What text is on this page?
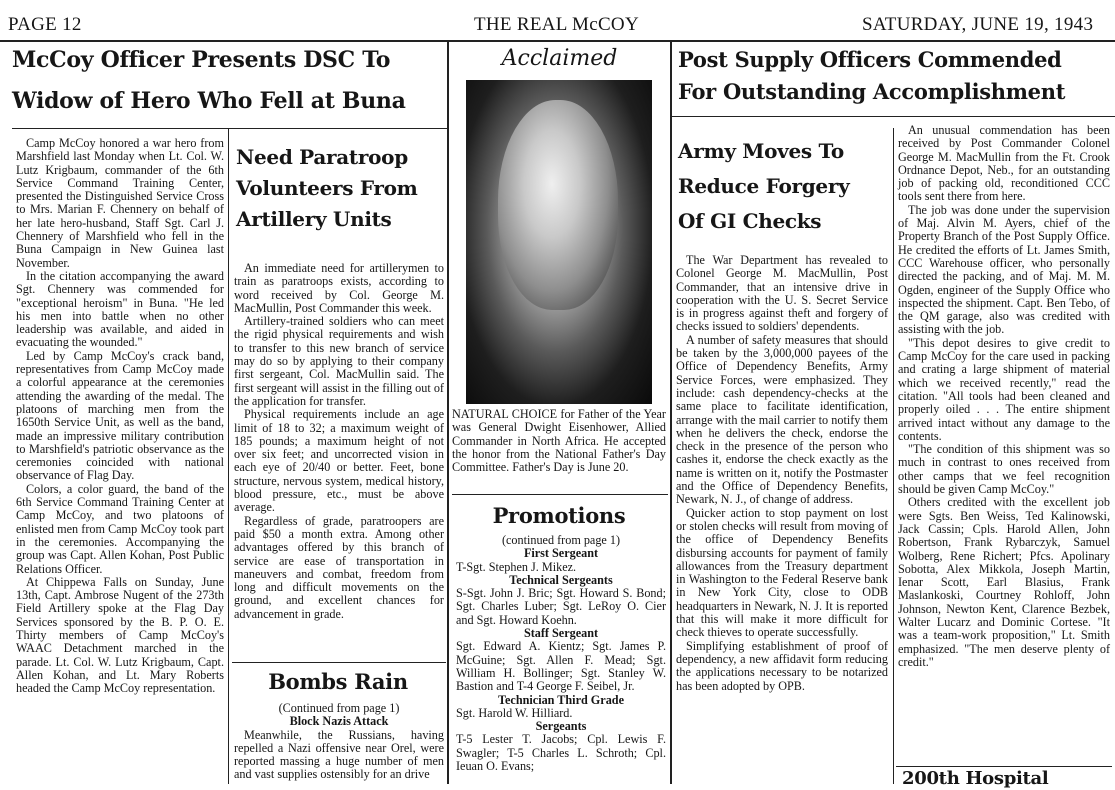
PAGE 12	THE REAL McCOY	SATURDAY, JUNE 19, 1943
McCoy Officer Presents DSC To
Widow of Hero Who Fell at Buna

Camp McCoy honored a war hero from Marshfield last Monday when Lt. Col. W. Lutz Krigbaum, commander of the 6th Service Command Training Center, presented the Distinguished Service Cross to Mrs. Marian F. Chennery on behalf of her late hero-husband, Staff Sgt. Carl J. Chennery of Marshfield who fell in the Buna Campaign in New Guinea last November.

In the citation accompanying the award Sgt. Chennery was commended for "exceptional heroism" in Buna. "He led his men into battle when no other leadership was available, and aided in evacuating the wounded."

Led by Camp McCoy's crack band, representatives from Camp McCoy made a colorful appearance at the ceremonies attending the awarding of the medal. The platoons of marching men from the 1650th Service Unit, as well as the band, made an impressive military contribution to Marshfield's patriotic observance as the ceremonies coincided with national observance of Flag Day.

Colors, a color guard, the band of the 6th Service Command Training Center at Camp McCoy, and two platoons of enlisted men from Camp McCoy took part in the ceremonies. Accompanying the group was Capt. Allen Kohan, Post Public Relations Officer.

At Chippewa Falls on Sunday, June 13th, Capt. Ambrose Nugent of the 273th Field Artillery spoke at the Flag Day Services sponsored by the B. P. O. E. Thirty members of Camp McCoy's WAAC Detachment marched in the parade. Lt. Col. W. Lutz Krigbaum, Capt. Allen Kohan, and Lt. Mary Roberts headed the Camp McCoy representation.

Need Paratroop
Volunteers From
Artillery Units

An immediate need for artillerymen to train as paratroops exists, according to word received by Col. George M. MacMullin, Post Commander this week.

Artillery-trained soldiers who can meet the rigid physical requirements and wish to transfer to this new branch of service may do so by applying to their company first sergeant, Col. MacMullin said. The first sergeant will assist in the filling out of the application for transfer.

Physical requirements include an age limit of 18 to 32; a maximum weight of 185 pounds; a maximum height of not over six feet; and uncorrected vision in each eye of 20/40 or better. Feet, bone structure, nervous system, medical history, blood pressure, etc., must be above average.

Regardless of grade, paratroopers are paid $50 a month extra. Among other advantages offered by this branch of service are ease of transportation in maneuvers and combat, freedom from long and difficult movements on the ground, and excellent chances for advancement in grade.

Bombs Rain
(Continued from page 1)
Block Nazis Attack
Meanwhile, the Russians, having repelled a Nazi offensive near Orel, were reported massing a huge number of men and vast supplies ostensibly for an drive
Acclaimed
NATURAL CHOICE for Father of the Year was General Dwight Eisenhower, Allied Commander in North Africa. He accepted the honor from the National Father's Day Committee. Father's Day is June 20.
Promotions
(continued from page 1)
First Sergeant
T-Sgt. Stephen J. Mikez.
Technical Sergeants
S-Sgt. John J. Bric; Sgt. Howard S. Bond; Sgt. Charles Luber; Sgt. LeRoy O. Cier and Sgt. Howard Koehn.
Staff Sergeant
Sgt. Edward A. Kientz; Sgt. James P. McGuine; Sgt. Allen F. Mead; Sgt. William H. Bollinger; Sgt. Stanley W. Bastion and T-4 George F. Seibel, Jr.
Technician Third Grade
Sgt. Harold W. Hilliard.
Sergeants
T-5 Lester T. Jacobs; Cpl. Lewis F. Swagler; T-5 Charles L. Schroth; Cpl. Ieuan O. Evans;
Post Supply Officers Commended
For Outstanding Accomplishment

An unusual commendation has been received by Post Commander Colonel George M. MacMullin from the Ft. Crook Ordnance Depot, Neb., for an outstanding job of packing old, reconditioned CCC tools sent there from here.

The job was done under the supervision of Maj. Alvin M. Ayers, chief of the Property Branch of the Post Supply Office. He credited the efforts of Lt. James Smith, CCC Warehouse officer, who personally directed the packing, and of Maj. M. M. Ogden, engineer of the Supply Office who inspected the shipment. Capt. Ben Tebo, of the QM garage, also was credited with assisting with the job.

"This depot desires to give credit to Camp McCoy for the care used in packing and crating a large shipment of material which we received recently," read the citation. "All tools had been cleaned and properly oiled . . . The entire shipment arrived intact without any damage to the contents.

"The condition of this shipment was so much in contrast to ones received from other camps that we feel recognition should be given Camp McCoy."

Others credited with the excellent job were Sgts. Ben Weiss, Ted Kalinowski, Jack Cassin; Cpls. Harold Allen, John Robertson, Frank Rybarczyk, Samuel Wolberg, Rene Richert; Pfcs. Apolinary Sobotta, Alex Mikkola, Joseph Martin, Ienar Scott, Earl Blasius, Frank Maslankoski, Courtney Rohloff, John Johnson, Newton Kent, Clarence Bezbek, Walter Lucarz and Dominic Cortese. "It was a team-work proposition," Lt. Smith emphasized. "The men deserve plenty of credit."

Army Moves To
Reduce Forgery
Of GI Checks

The War Department has revealed to Colonel George M. MacMullin, Post Commander, that an intensive drive in cooperation with the U. S. Secret Service is in progress against theft and forgery of checks issued to soldiers' dependents.

A number of safety measures that should be taken by the 3,000,000 payees of the Office of Dependency Benefits, Army Service Forces, were emphasized. They include: cash dependency-checks at the same place to facilitate identification, arrange with the mail carrier to notify them when he delivers the check, endorse the check in the presence of the person who cashes it, endorse the check exactly as the name is written on it, notify the Postmaster and the Office of Dependency Benefits, Newark, N. J., of change of address.

Quicker action to stop payment on lost or stolen checks will result from moving of the office of Dependency Benefits disbursing accounts for payment of family allowances from the Treasury department in Washington to the Federal Reserve bank in New York City, close to ODB headquarters in Newark, N. J. It is reported that this will make it more difficult for check thieves to operate successfully.

Simplifying establishment of proof of dependency, a new affidavit form reducing the applications necessary to be notarized has been adopted by OPB.

200th Hospital
